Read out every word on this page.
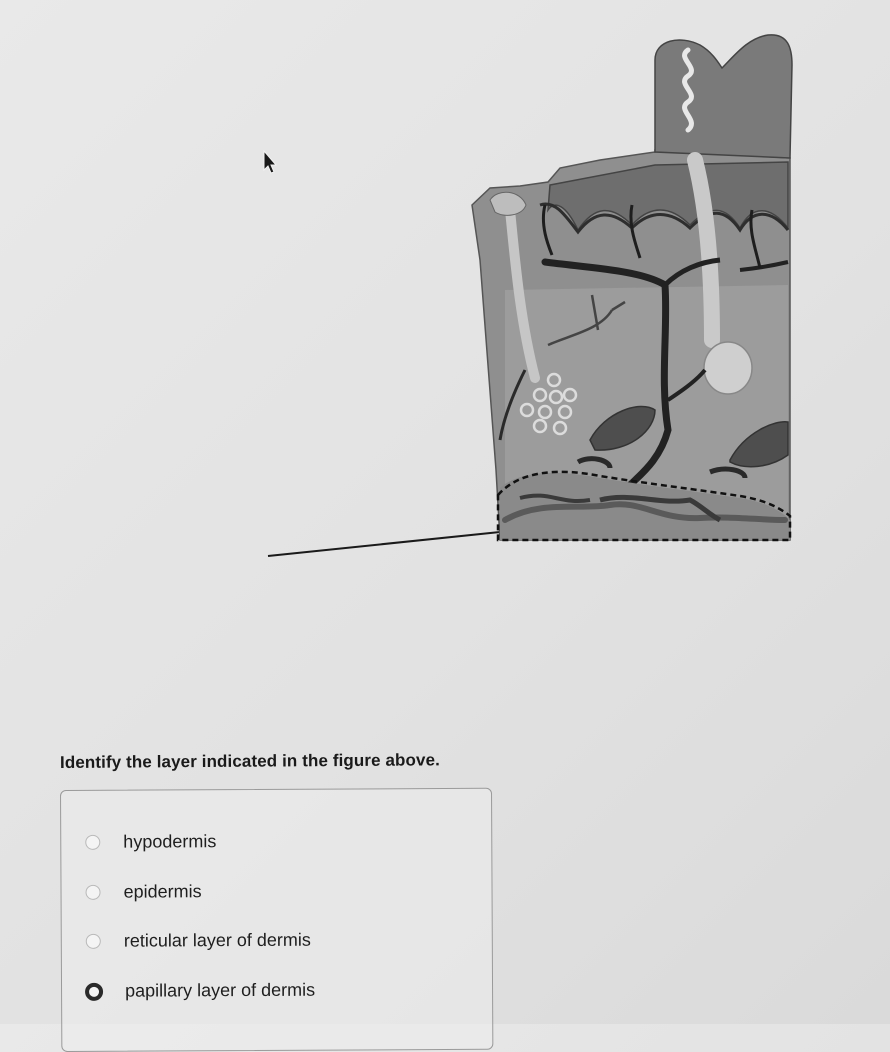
Identify the layer indicated in the figure above.

hypodermis
epidermis
reticular layer of dermis
papillary layer of dermis
